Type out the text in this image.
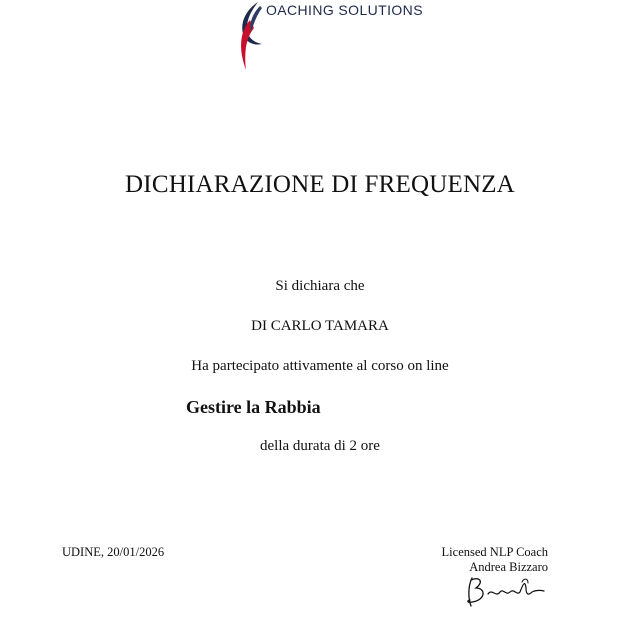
OACHING SOLUTIONS
DICHIARAZIONE DI FREQUENZA
Si dichiara che
DI CARLO TAMARA
Ha partecipato attivamente al corso on line
Gestire la Rabbia
della durata di 2 ore
UDINE, 20/01/2026	Licensed NLP Coach
Andrea Bizzaro
